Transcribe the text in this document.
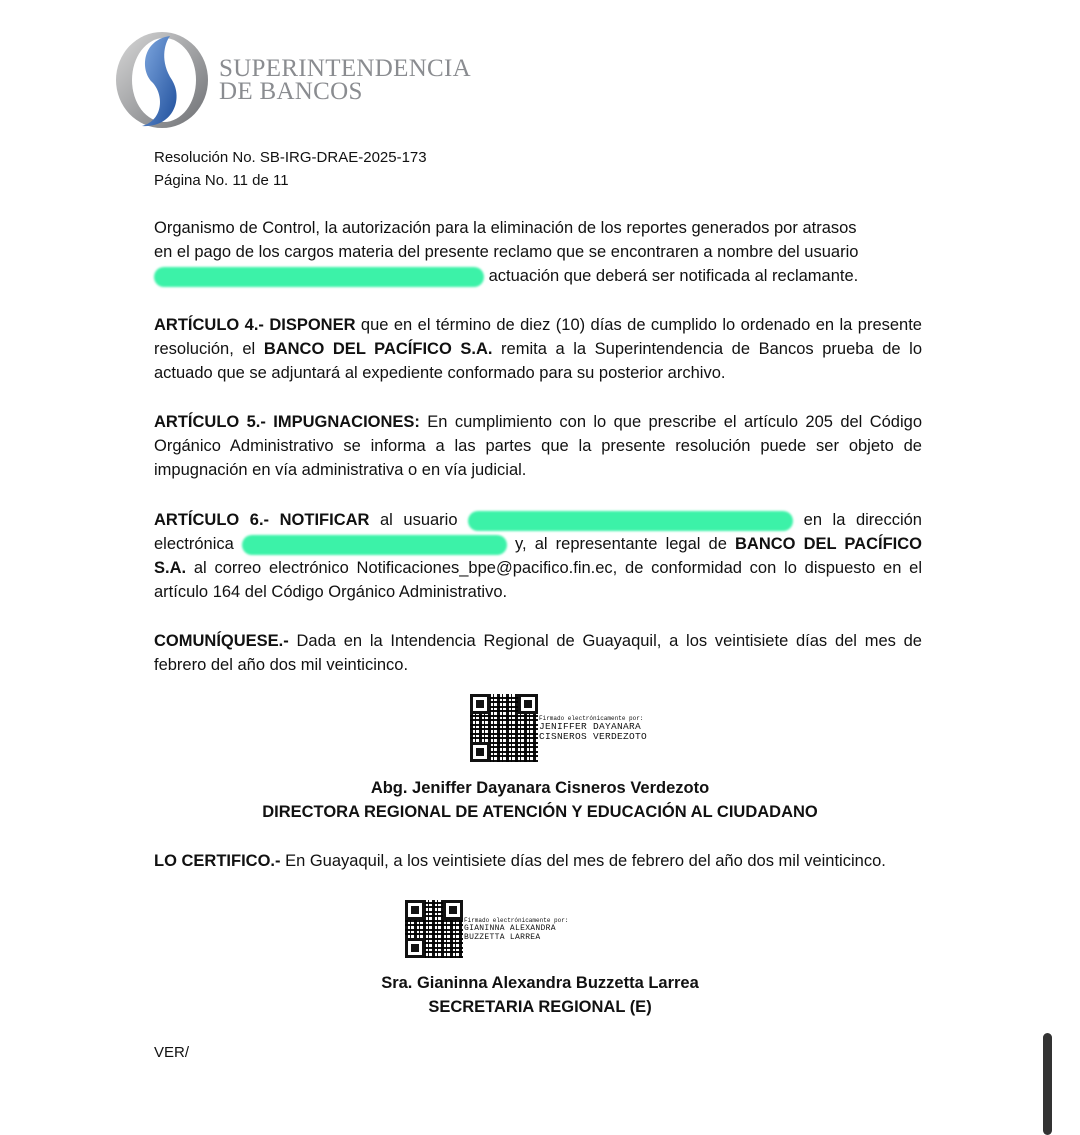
SUPERINTENDENCIA
DE BANCOS
Resolución No. SB-IRG-DRAE-2025-173
Página No. 11 de 11
Organismo de Control, la autorización para la eliminación de los reportes generados por atrasos
en el pago de los cargos materia del presente reclamo que se encontraren a nombre del usuario
actuación que deberá ser notificada al reclamante.
ARTÍCULO 4.- DISPONER que en el término de diez (10) días de cumplido lo ordenado en la presente resolución, el BANCO DEL PACÍFICO S.A. remita a la Superintendencia de Bancos prueba de lo actuado que se adjuntará al expediente conformado para su posterior archivo.
ARTÍCULO 5.- IMPUGNACIONES: En cumplimiento con lo que prescribe el artículo 205 del Código Orgánico Administrativo se informa a las partes que la presente resolución puede ser objeto de impugnación en vía administrativa o en vía judicial.
ARTÍCULO 6.- NOTIFICAR al usuario	en la dirección electrónica	y, al representante legal de BANCO DEL PACÍFICO S.A. al correo electrónico Notificaciones_bpe@pacifico.fin.ec, de conformidad con lo dispuesto en el artículo 164 del Código Orgánico Administrativo.
COMUNÍQUESE.- Dada en la Intendencia Regional de Guayaquil, a los veintisiete días del mes de febrero del año dos mil veinticinco.
Firmado electrónicamente por:
JENIFFER DAYANARA
CISNEROS VERDEZOTO
Abg. Jeniffer Dayanara Cisneros Verdezoto
DIRECTORA REGIONAL DE ATENCIÓN Y EDUCACIÓN AL CIUDADANO
LO CERTIFICO.- En Guayaquil, a los veintisiete días del mes de febrero del año dos mil veinticinco.
Firmado electrónicamente por:
GIANINNA ALEXANDRA
BUZZETTA LARREA
Sra. Gianinna Alexandra Buzzetta Larrea
SECRETARIA REGIONAL (E)
VER/
